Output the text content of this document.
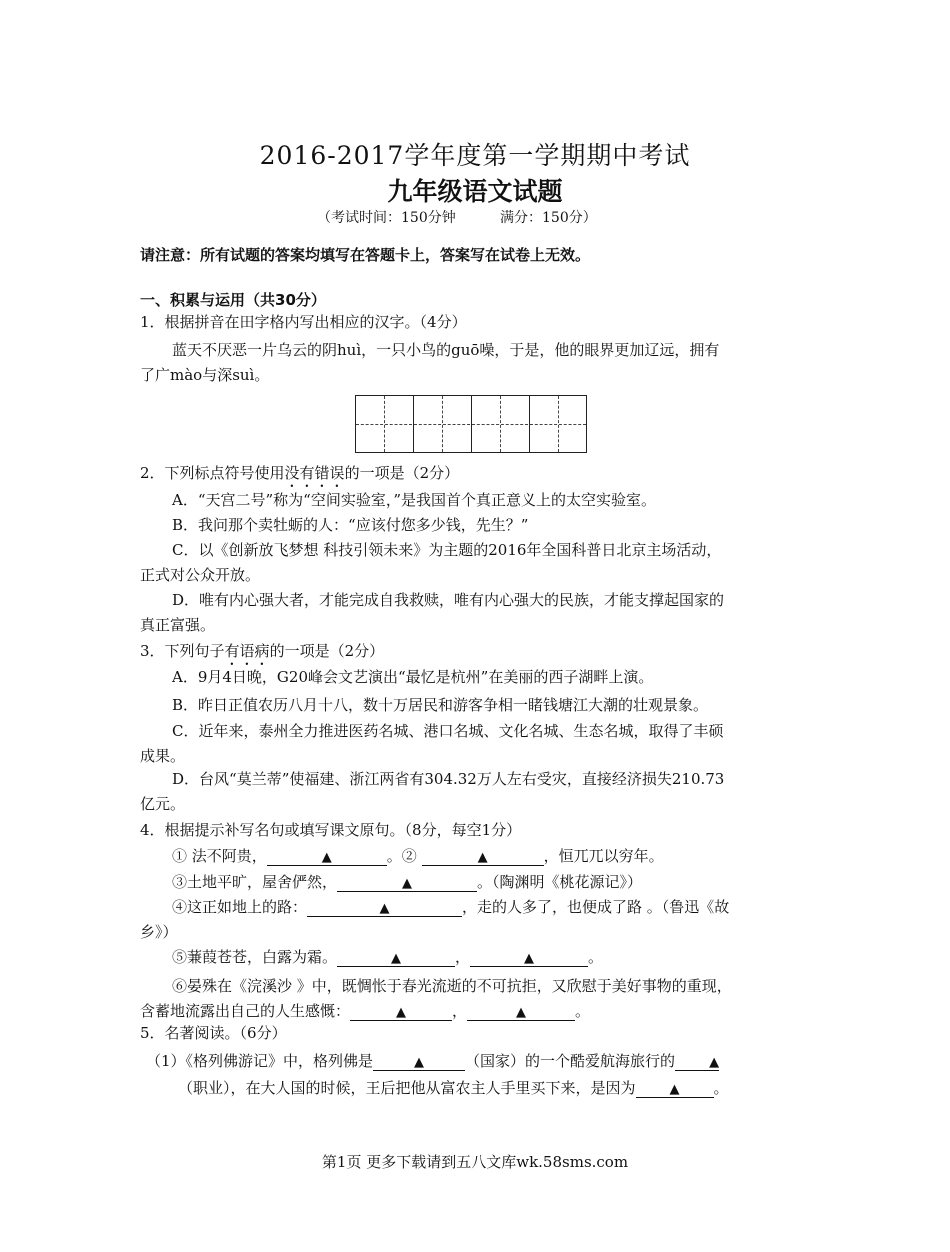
2016-2017学年度第一学期期中考试
九年级语文试题
（考试时间：150分钟	满分：150分）
请注意：所有试题的答案均填写在答题卡上，答案写在试卷上无效。
一、积累与运用（共30分）
1．根据拼音在田字格内写出相应的汉字。（4分）
蓝天不厌恶一片乌云的阴huì，一只小鸟的guō噪，于是，他的眼界更加辽远，拥有
了广mào与深suì。
2．下列标点符号使用没有错误的一项是（2分）
A．“天宫二号”称为“空间实验室，”是我国首个真正意义上的太空实验室。
B．我问那个卖牡蛎的人：“应该付您多少钱，先生？”
C．以《创新放飞梦想 科技引领未来》为主题的2016年全国科普日北京主场活动，
正式对公众开放。
D．唯有内心强大者，才能完成自我救赎，唯有内心强大的民族，才能支撑起国家的
真正富强。
3．下列句子有语病的一项是（2分）
A．9月4日晚，G20峰会文艺演出“最忆是杭州”在美丽的西子湖畔上演。
B．昨日正值农历八月十八，数十万居民和游客争相一睹钱塘江大潮的壮观景象。
C．近年来，泰州全力推进医药名城、港口名城、文化名城、生态名城，取得了丰硕
成果。
D．台风“莫兰蒂”使福建、浙江两省有304.32万人左右受灾，直接经济损失210.73
亿元。
4．根据提示补写名句或填写课文原句。（8分，每空1分）
① 法不阿贵，	▲	。②	▲	，恒兀兀以穷年。
③土地平旷，屋舍俨然，	▲	。（陶渊明《桃花源记》）
④这正如地上的路：	▲	，走的人多了，也便成了路 。（鲁迅《故
乡》）
⑤蒹葭苍苍，白露为霜。	▲	，	▲	。
⑥晏殊在《浣溪沙 》中，既惆怅于春光流逝的不可抗拒，又欣慰于美好事物的重现，
含蓄地流露出自己的人生感慨：	▲	，	▲	。
5．名著阅读。（6分）
（1）《格列佛游记》中，格列佛是	▲	（国家）的一个酷爱航海旅行的	▲
（职业），在大人国的时候，王后把他从富农主人手里买下来，是因为	▲ 。
第1页 更多下载请到五八文库wk.58sms.com
